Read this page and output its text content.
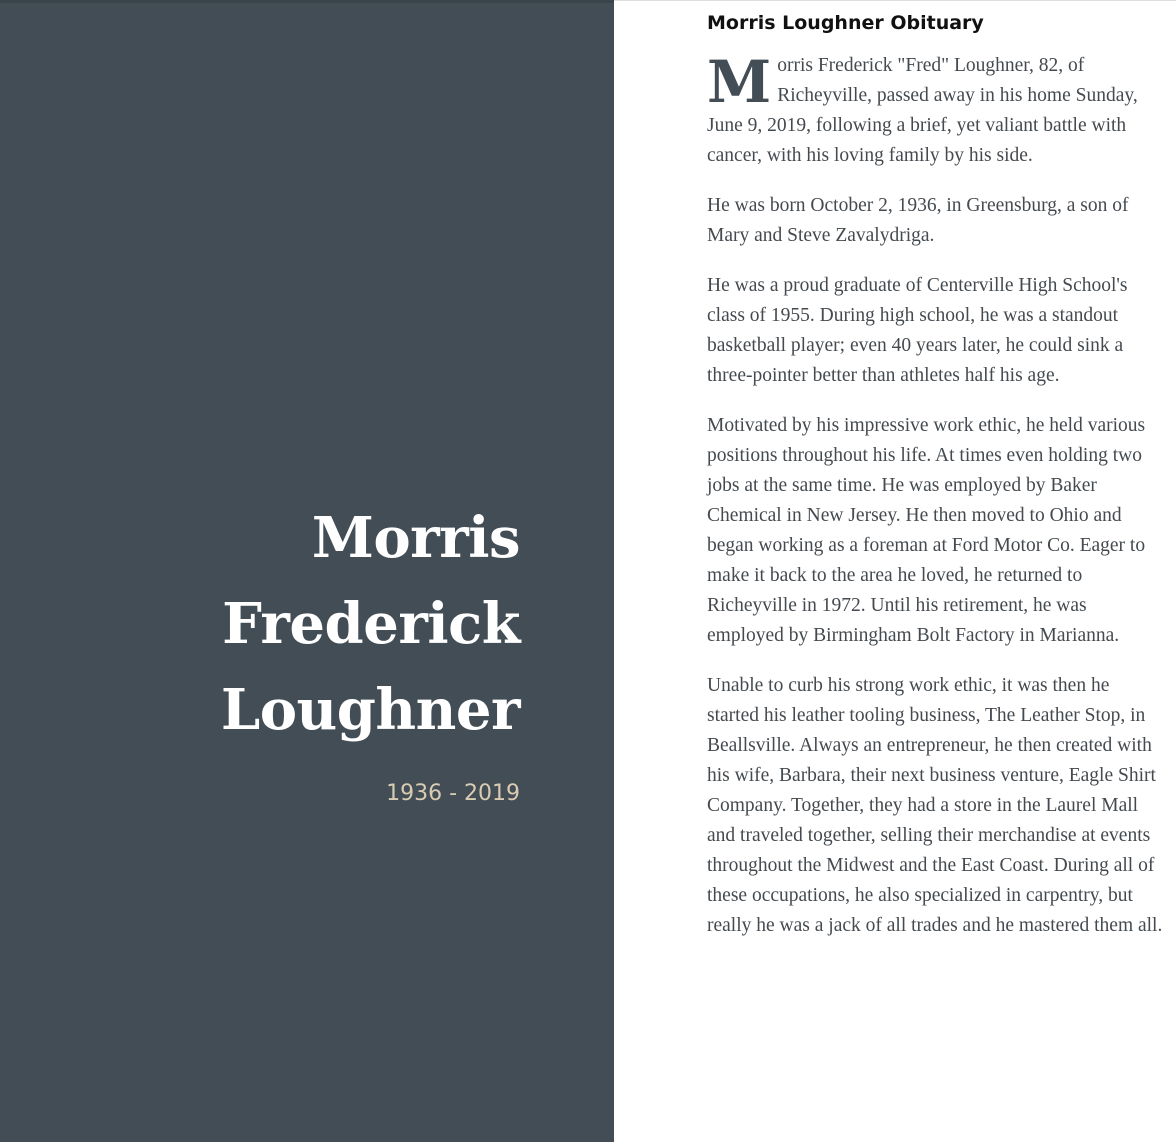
Morris Frederick
Loughner
1936 - 2019
Morris Loughner Obituary

Morris Frederick "Fred" Loughner, 82, of Richeyville, passed away in his home Sunday, June 9, 2019, following a brief, yet valiant battle with cancer, with his loving family by his side.

He was born October 2, 1936, in Greensburg, a son of Mary and Steve Zavalydriga.

He was a proud graduate of Centerville High School's class of 1955. During high school, he was a standout basketball player; even 40 years later, he could sink a three-pointer better than athletes half his age.

Motivated by his impressive work ethic, he held various positions throughout his life. At times even holding two jobs at the same time. He was employed by Baker Chemical in New Jersey. He then moved to Ohio and began working as a foreman at Ford Motor Co. Eager to make it back to the area he loved, he returned to Richeyville in 1972. Until his retirement, he was employed by Birmingham Bolt Factory in Marianna.

Unable to curb his strong work ethic, it was then he started his leather tooling business, The Leather Stop, in Beallsville. Always an entrepreneur, he then created with his wife, Barbara, their next business venture, Eagle Shirt Company. Together, they had a store in the Laurel Mall and traveled together, selling their merchandise at events throughout the Midwest and the East Coast. During all of these occupations, he also specialized in carpentry, but really he was a jack of all trades and he mastered them all.
